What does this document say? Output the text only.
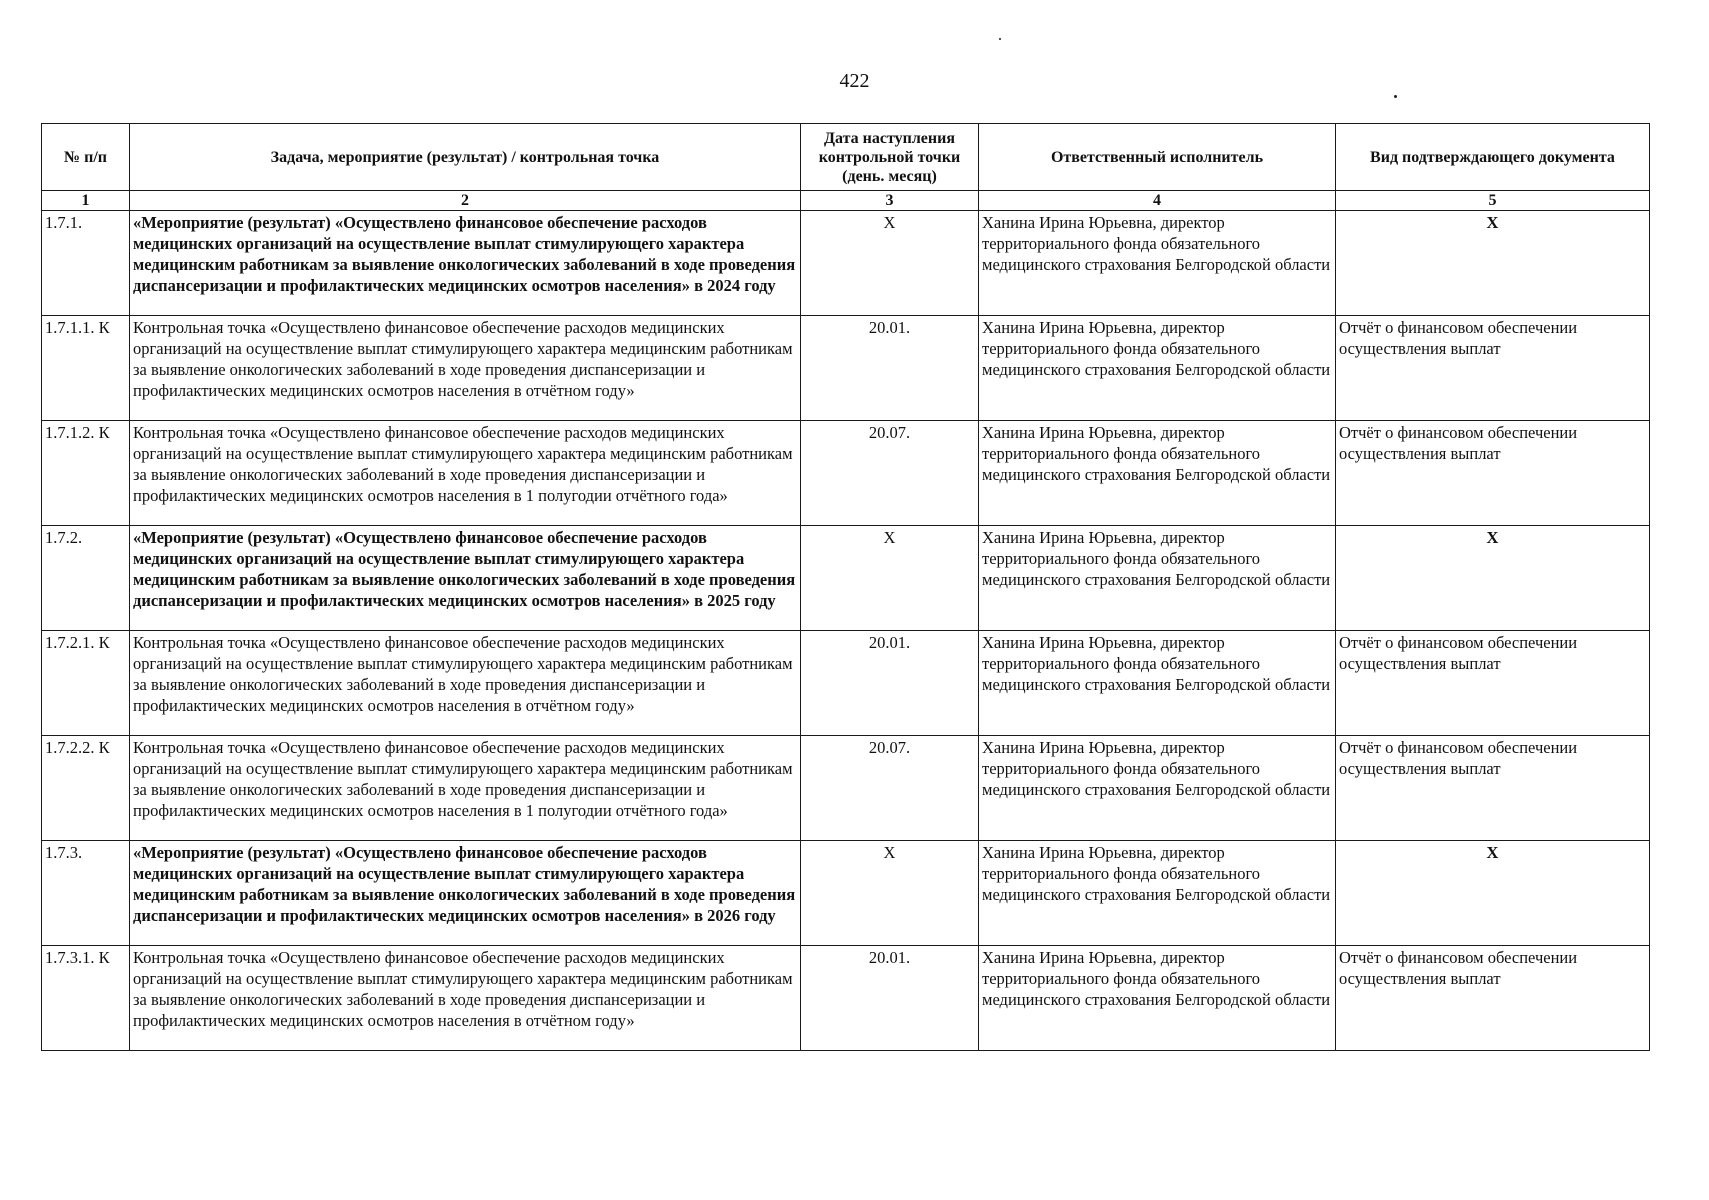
422
№ п/п	Задача, мероприятие (результат) / контрольная точка	Дата наступления контрольной точки (день. месяц)	Ответственный исполнитель	Вид подтверждающего документа
1	2	3	4	5
1.7.1.	«Мероприятие (результат) «Осуществлено финансовое обеспечение расходов медицинских организаций на осуществление выплат стимулирующего характера медицинским работникам за выявление онкологических заболеваний в ходе проведения диспансеризации и профилактических медицинских осмотров населения» в 2024 году	X	Ханина Ирина Юрьевна, директор территориального фонда обязательного медицинского страхования Белгородской области	X
1.7.1.1. К	Контрольная точка «Осуществлено финансовое обеспечение расходов медицинских организаций на осуществление выплат стимулирующего характера медицинским работникам за выявление онкологических заболеваний в ходе проведения диспансеризации и профилактических медицинских осмотров населения в отчётном году»	20.01.	Ханина Ирина Юрьевна, директор территориального фонда обязательного медицинского страхования Белгородской области	Отчёт о финансовом обеспечении осуществления выплат
1.7.1.2. К	Контрольная точка «Осуществлено финансовое обеспечение расходов медицинских организаций на осуществление выплат стимулирующего характера медицинским работникам за выявление онкологических заболеваний в ходе проведения диспансеризации и профилактических медицинских осмотров населения в 1 полугодии отчётного года»	20.07.	Ханина Ирина Юрьевна, директор территориального фонда обязательного медицинского страхования Белгородской области	Отчёт о финансовом обеспечении осуществления выплат
1.7.2.	«Мероприятие (результат) «Осуществлено финансовое обеспечение расходов медицинских организаций на осуществление выплат стимулирующего характера медицинским работникам за выявление онкологических заболеваний в ходе проведения диспансеризации и профилактических медицинских осмотров населения» в 2025 году	X	Ханина Ирина Юрьевна, директор территориального фонда обязательного медицинского страхования Белгородской области	X
1.7.2.1. К	Контрольная точка «Осуществлено финансовое обеспечение расходов медицинских организаций на осуществление выплат стимулирующего характера медицинским работникам за выявление онкологических заболеваний в ходе проведения диспансеризации и профилактических медицинских осмотров населения в отчётном году»	20.01.	Ханина Ирина Юрьевна, директор территориального фонда обязательного медицинского страхования Белгородской области	Отчёт о финансовом обеспечении осуществления выплат
1.7.2.2. К	Контрольная точка «Осуществлено финансовое обеспечение расходов медицинских организаций на осуществление выплат стимулирующего характера медицинским работникам за выявление онкологических заболеваний в ходе проведения диспансеризации и профилактических медицинских осмотров населения в 1 полугодии отчётного года»	20.07.	Ханина Ирина Юрьевна, директор территориального фонда обязательного медицинского страхования Белгородской области	Отчёт о финансовом обеспечении осуществления выплат
1.7.3.	«Мероприятие (результат) «Осуществлено финансовое обеспечение расходов медицинских организаций на осуществление выплат стимулирующего характера медицинским работникам за выявление онкологических заболеваний в ходе проведения диспансеризации и профилактических медицинских осмотров населения» в 2026 году	X	Ханина Ирина Юрьевна, директор территориального фонда обязательного медицинского страхования Белгородской области	X
1.7.3.1. К	Контрольная точка «Осуществлено финансовое обеспечение расходов медицинских организаций на осуществление выплат стимулирующего характера медицинским работникам за выявление онкологических заболеваний в ходе проведения диспансеризации и профилактических медицинских осмотров населения в отчётном году»	20.01.	Ханина Ирина Юрьевна, директор территориального фонда обязательного медицинского страхования Белгородской области	Отчёт о финансовом обеспечении осуществления выплат
